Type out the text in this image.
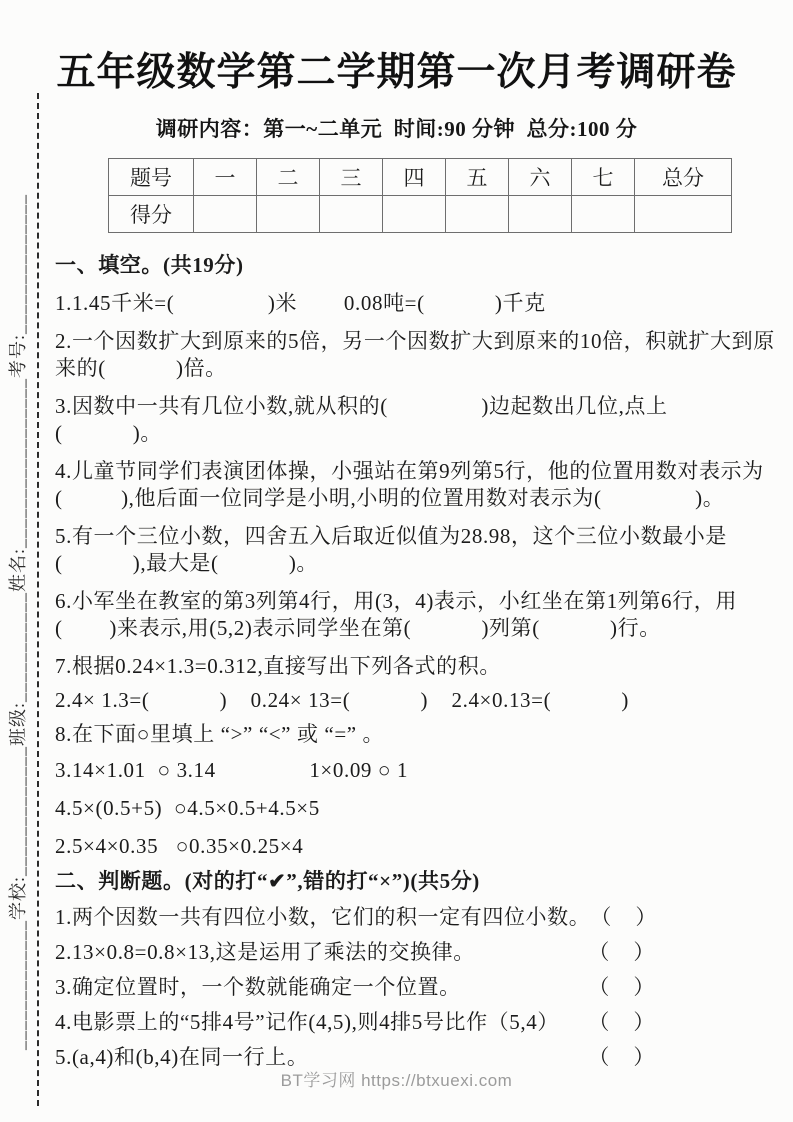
_____________学校:_____________班级:___________姓名:_________________考号:______________
五年级数学第二学期第一次月考调研卷
调研内容：第一~二单元  时间:90 分钟  总分:100 分
题号	一	二	三	四	五	六	七	总分
得分								
一、填空。(共19分)
1.1.45千米=(                )米        0.08吨=(            )千克
2.一个因数扩大到原来的5倍，另一个因数扩大到原来的10倍，积就扩大到原
来的(            )倍。
3.因数中一共有几位小数,就从积的(                )边起数出几位,点上
(            )。
4.儿童节同学们表演团体操，小强站在第9列第5行，他的位置用数对表示为
(          ),他后面一位同学是小明,小明的位置用数对表示为(                )。
5.有一个三位小数，四舍五入后取近似值为28.98，这个三位小数最小是
(            ),最大是(            )。
6.小军坐在教室的第3列第4行，用(3，4)表示，小红坐在第1列第6行，用
(        )来表示,用(5,2)表示同学坐在第(            )列第(            )行。
7.根据0.24×1.3=0.312,直接写出下列各式的积。
2.4× 1.3=(            )    0.24× 13=(            )    2.4×0.13=(            )
8.在下面○里填上 “>” “<” 或 “=” 。
3.14×1.01  ○ 3.14                1×0.09 ○ 1
4.5×(0.5+5)  ○4.5×0.5+4.5×5
2.5×4×0.35   ○0.35×0.25×4
二、判断题。(对的打“✔”,错的打“×”)(共5分)
1.两个因数一共有四位小数，它们的积一定有四位小数。 （    ）
2.13×0.8=0.8×13,这是运用了乘法的交换律。	（    ）
3.确定位置时，一个数就能确定一个位置。	（    ）
4.电影票上的“5排4号”记作(4,5),则4排5号比作（5,4） （    ）
5.(a,4)和(b,4)在同一行上。	（    ）
BT学习网 https://btxuexi.com
